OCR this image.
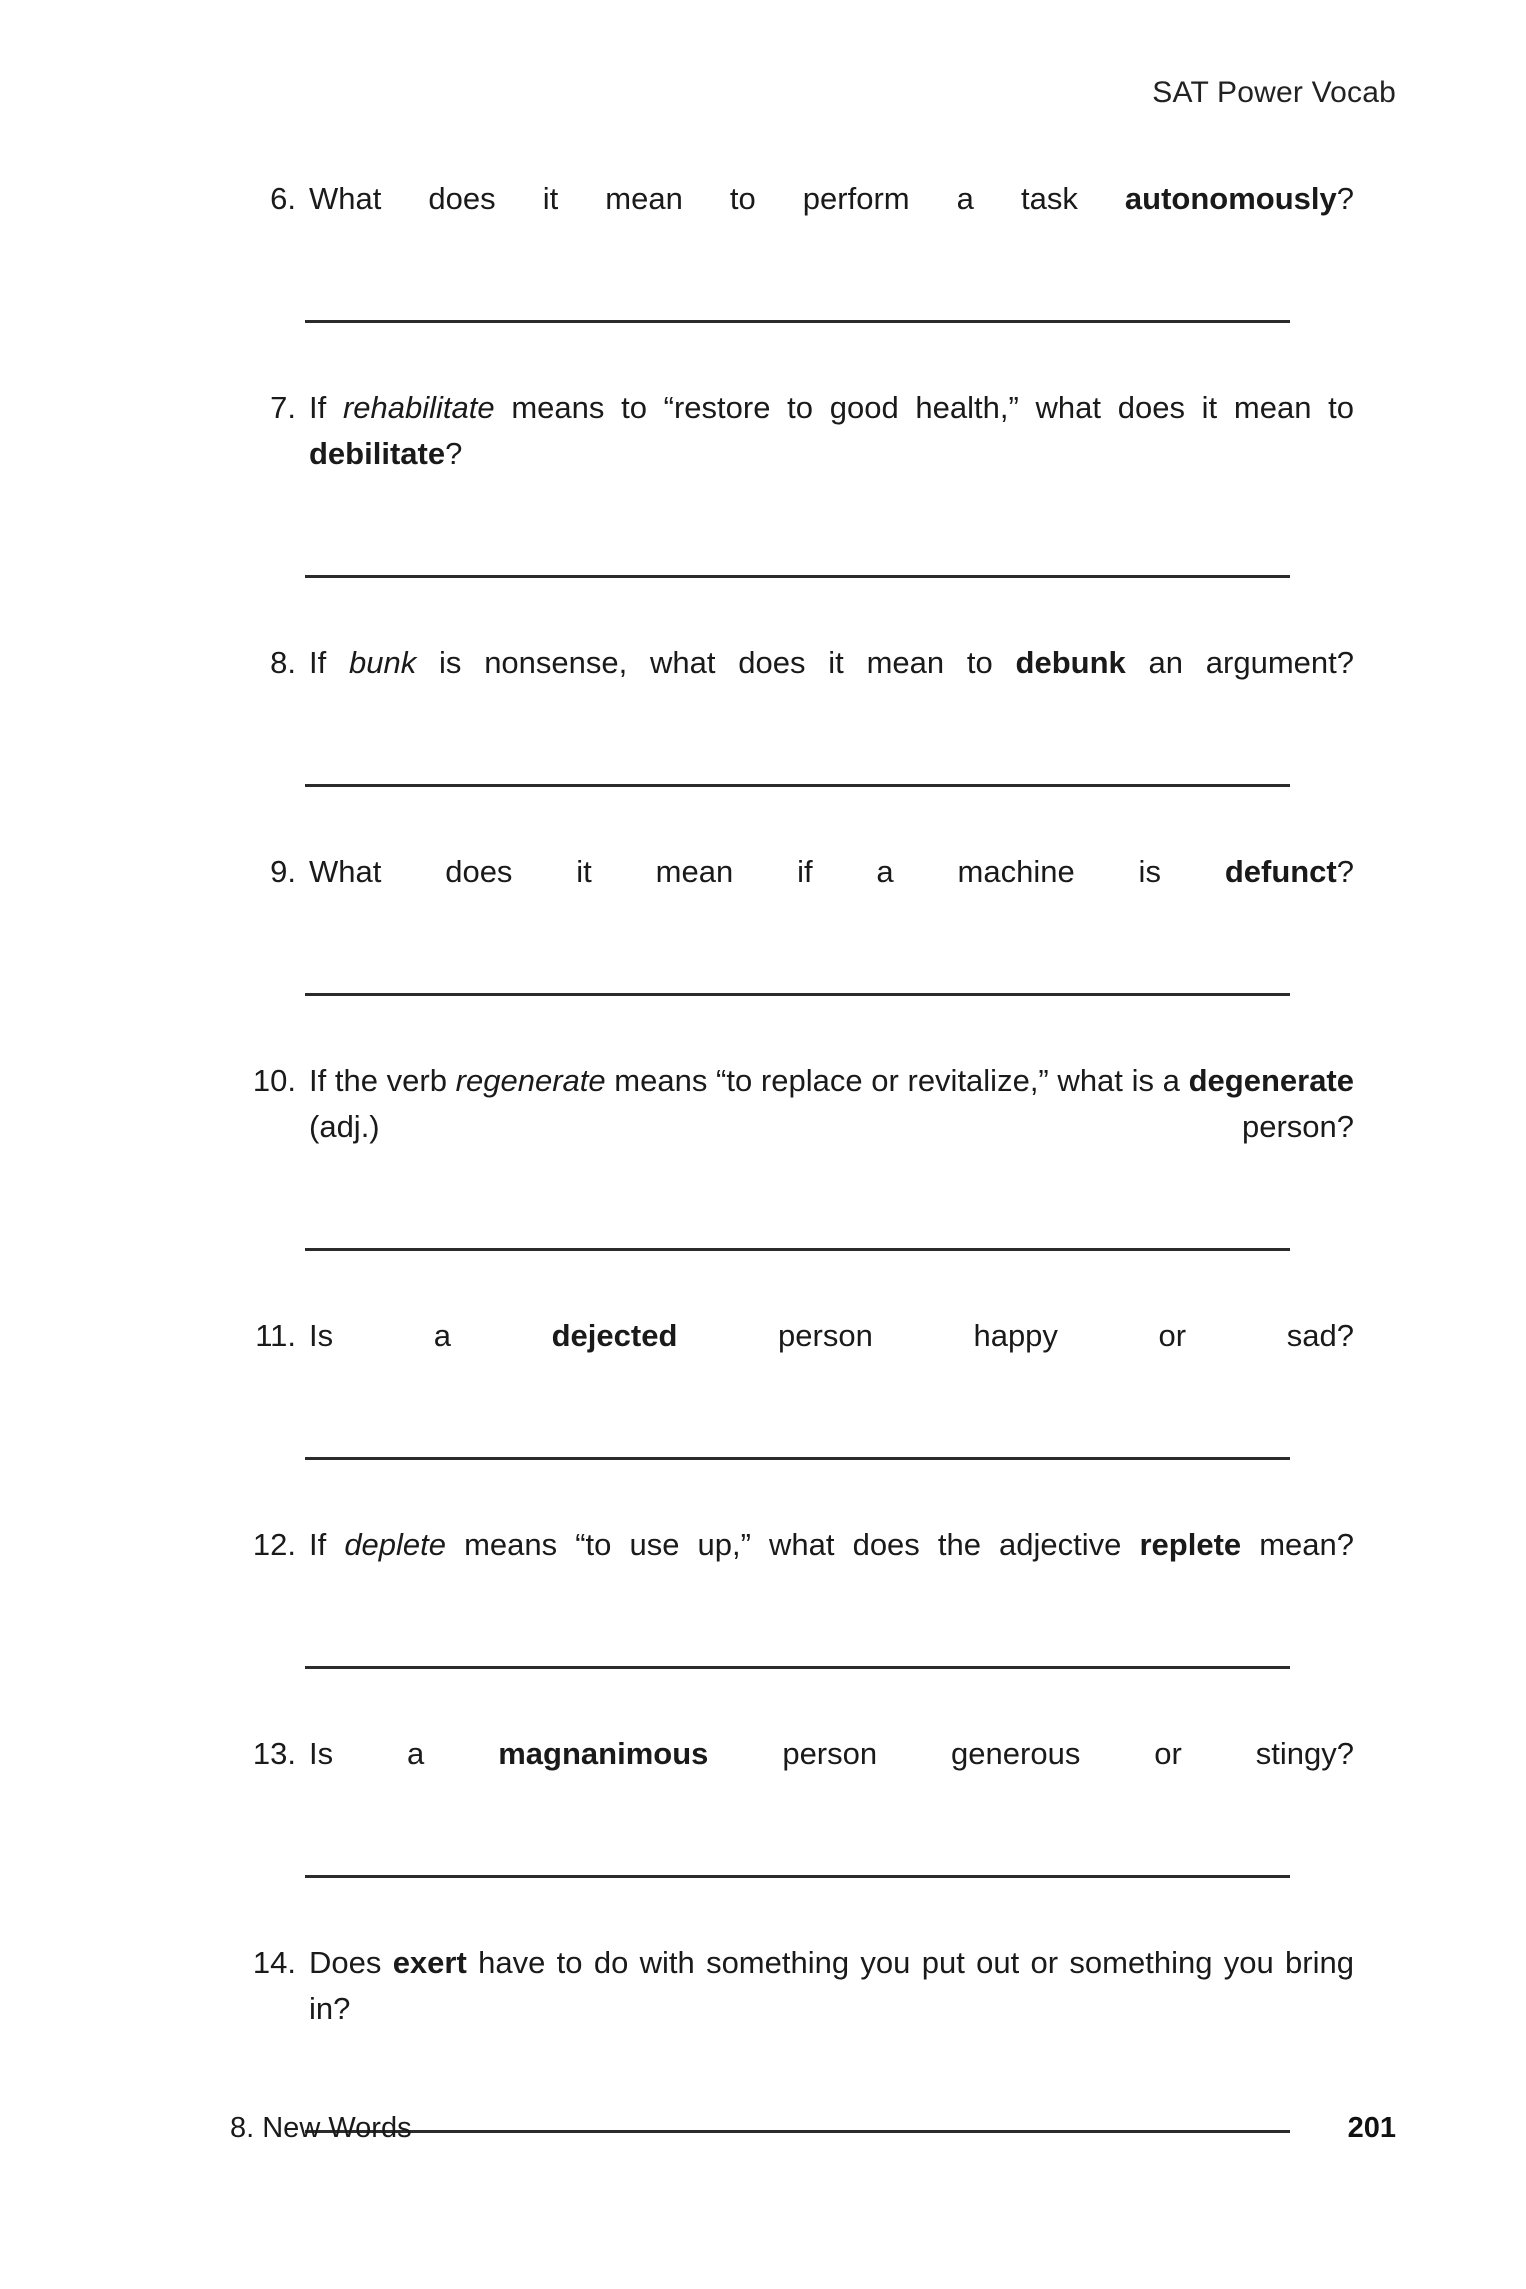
SAT Power Vocab
6. What does it mean to perform a task autonomously?
7. If rehabilitate means to “restore to good health,” what does it mean to debilitate?
8. If bunk is nonsense, what does it mean to debunk an argument?
9. What does it mean if a machine is defunct?
10. If the verb regenerate means “to replace or revitalize,” what is a degenerate (adj.) person?
11. Is a dejected person happy or sad?
12. If deplete means “to use up,” what does the adjective replete mean?
13. Is a magnanimous person generous or stingy?
14. Does exert have to do with something you put out or something you bring in?
8. New Words	201
